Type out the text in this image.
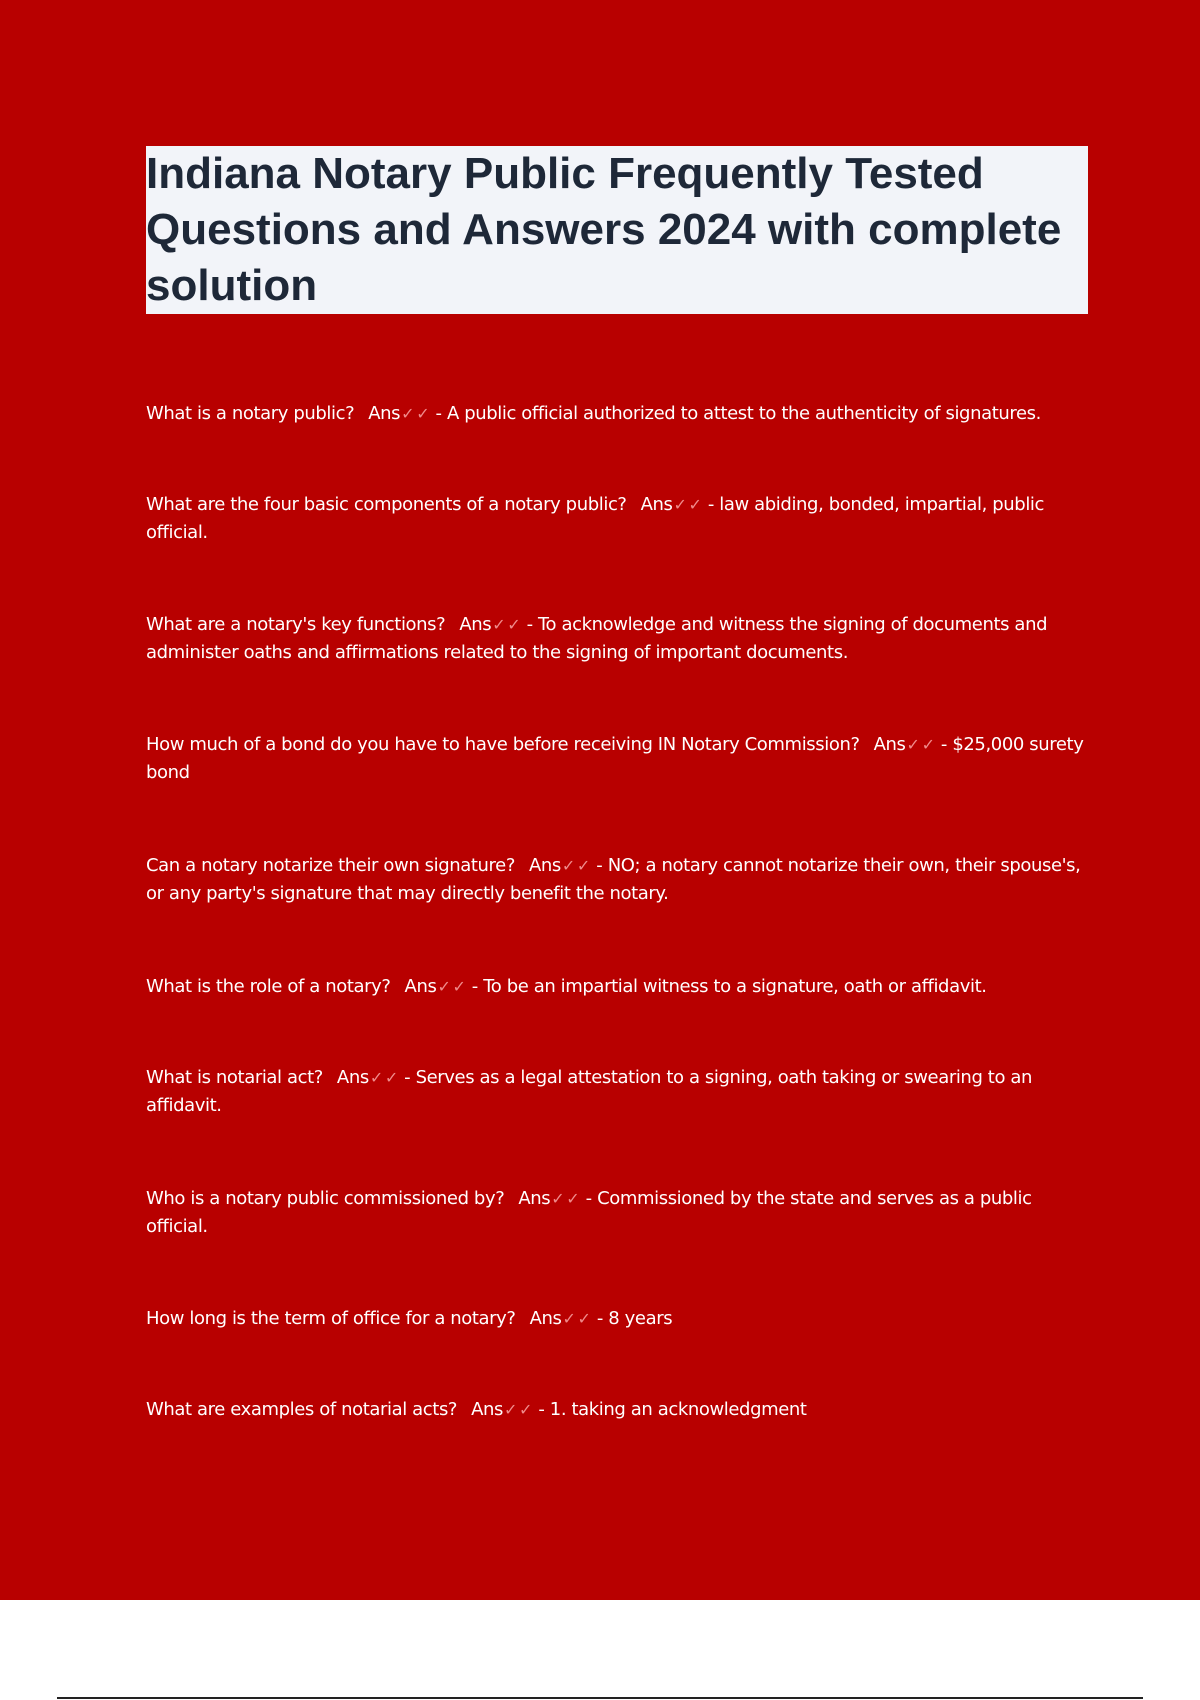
Indiana Notary Public Frequently Tested Questions and Answers 2024 with complete solution
What is a notary public? Ans✓ ✓ - A public official authorized to attest to the authenticity of signatures.
What are the four basic components of a notary public? Ans✓ ✓ - law abiding, bonded, impartial, public official.
What are a notary's key functions? Ans✓ ✓ - To acknowledge and witness the signing of documents and administer oaths and affirmations related to the signing of important documents.
How much of a bond do you have to have before receiving IN Notary Commission? Ans✓ ✓ - $25,000 surety bond
Can a notary notarize their own signature? Ans✓ ✓ - NO; a notary cannot notarize their own, their spouse's, or any party's signature that may directly benefit the notary.
What is the role of a notary? Ans✓ ✓ - To be an impartial witness to a signature, oath or affidavit.
What is notarial act? Ans✓ ✓ - Serves as a legal attestation to a signing, oath taking or swearing to an affidavit.
Who is a notary public commissioned by? Ans✓ ✓ - Commissioned by the state and serves as a public official.
How long is the term of office for a notary? Ans✓ ✓ - 8 years
What are examples of notarial acts? Ans✓ ✓ - 1. taking an acknowledgment
